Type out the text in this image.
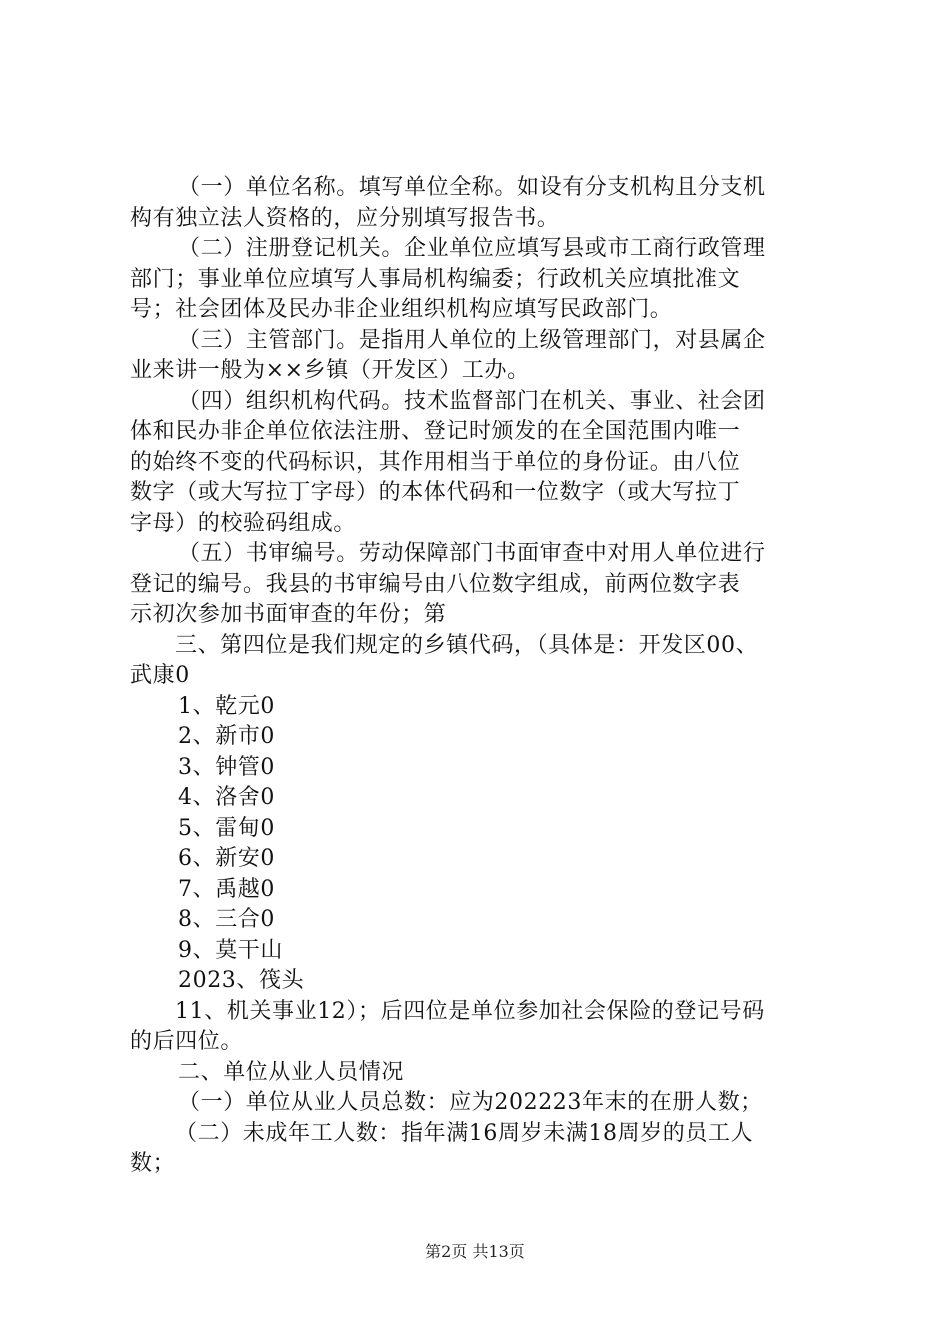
（一）单位名称。填写单位全称。如设有分支机构且分支机
构有独立法人资格的，应分别填写报告书。
（二）注册登记机关。企业单位应填写县或市工商行政管理
部门；事业单位应填写人事局机构编委；行政机关应填批准文
号；社会团体及民办非企业组织机构应填写民政部门。
（三）主管部门。是指用人单位的上级管理部门，对县属企
业来讲一般为××乡镇（开发区）工办。
（四）组织机构代码。技术监督部门在机关、事业、社会团
体和民办非企单位依法注册、登记时颁发的在全国范围内唯一
的始终不变的代码标识，其作用相当于单位的身份证。由八位
数字（或大写拉丁字母）的本体代码和一位数字（或大写拉丁
字母）的校验码组成。
（五）书审编号。劳动保障部门书面审查中对用人单位进行
登记的编号。我县的书审编号由八位数字组成，前两位数字表
示初次参加书面审查的年份；第
三、第四位是我们规定的乡镇代码，（具体是：开发区00、
武康0
1、乾元0
2、新市0
3、钟管0
4、洛舍0
5、雷甸0
6、新安0
7、禹越0
8、三合0
9、莫干山
2023、筏头
11、机关事业12）；后四位是单位参加社会保险的登记号码
的后四位。
二、单位从业人员情况
（一）单位从业人员总数：应为202223年末的在册人数；
（二）未成年工人数：指年满16周岁未满18周岁的员工人
数；
第2页 共13页
